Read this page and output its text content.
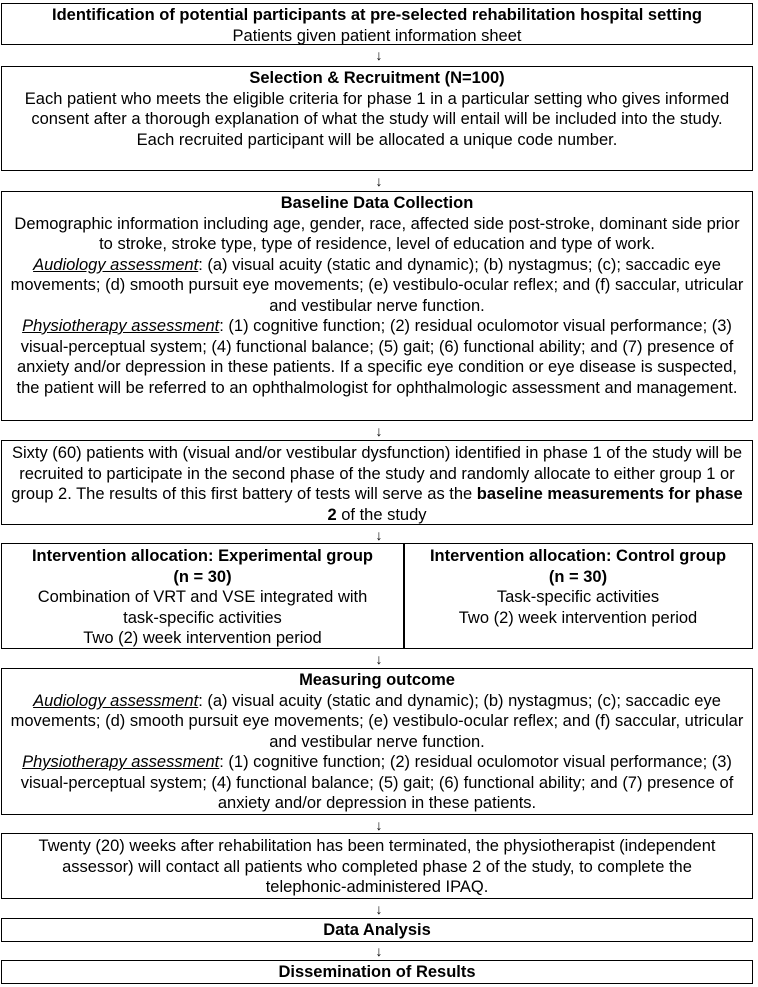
Identification of potential participants at pre-selected rehabilitation hospital setting
Patients given patient information sheet
↓
Selection & Recruitment (N=100)
Each patient who meets the eligible criteria for phase 1 in a particular setting who gives informed consent after a thorough explanation of what the study will entail will be included into the study.
Each recruited participant will be allocated a unique code number.
↓
Baseline Data Collection
Demographic information including age, gender, race, affected side post-stroke, dominant side prior to stroke, stroke type, type of residence, level of education and type of work.
Audiology assessment: (a) visual acuity (static and dynamic); (b) nystagmus; (c); saccadic eye movements; (d) smooth pursuit eye movements; (e) vestibulo-ocular reflex; and (f) saccular, utricular and vestibular nerve function.
Physiotherapy assessment: (1) cognitive function; (2) residual oculomotor visual performance; (3) visual-perceptual system; (4) functional balance; (5) gait; (6) functional ability; and (7) presence of anxiety and/or depression in these patients. If a specific eye condition or eye disease is suspected, the patient will be referred to an ophthalmologist for ophthalmologic assessment and management.
↓
Sixty (60) patients with (visual and/or vestibular dysfunction) identified in phase 1 of the study will be recruited to participate in the second phase of the study and randomly allocate to either group 1 or group 2. The results of this first battery of tests will serve as the baseline measurements for phase 2 of the study
↓
Intervention allocation: Experimental group
(n = 30)
Combination of VRT and VSE integrated with task-specific activities
Two (2) week intervention period
Intervention allocation: Control group
(n = 30)
Task-specific activities
Two (2) week intervention period
↓
Measuring outcome
Audiology assessment: (a) visual acuity (static and dynamic); (b) nystagmus; (c); saccadic eye movements; (d) smooth pursuit eye movements; (e) vestibulo-ocular reflex; and (f) saccular, utricular and vestibular nerve function.
Physiotherapy assessment: (1) cognitive function; (2) residual oculomotor visual performance; (3) visual-perceptual system; (4) functional balance; (5) gait; (6) functional ability; and (7) presence of anxiety and/or depression in these patients.
↓
Twenty (20) weeks after rehabilitation has been terminated, the physiotherapist (independent assessor) will contact all patients who completed phase 2 of the study, to complete the telephonic-administered IPAQ.
↓
Data Analysis
↓
Dissemination of Results
